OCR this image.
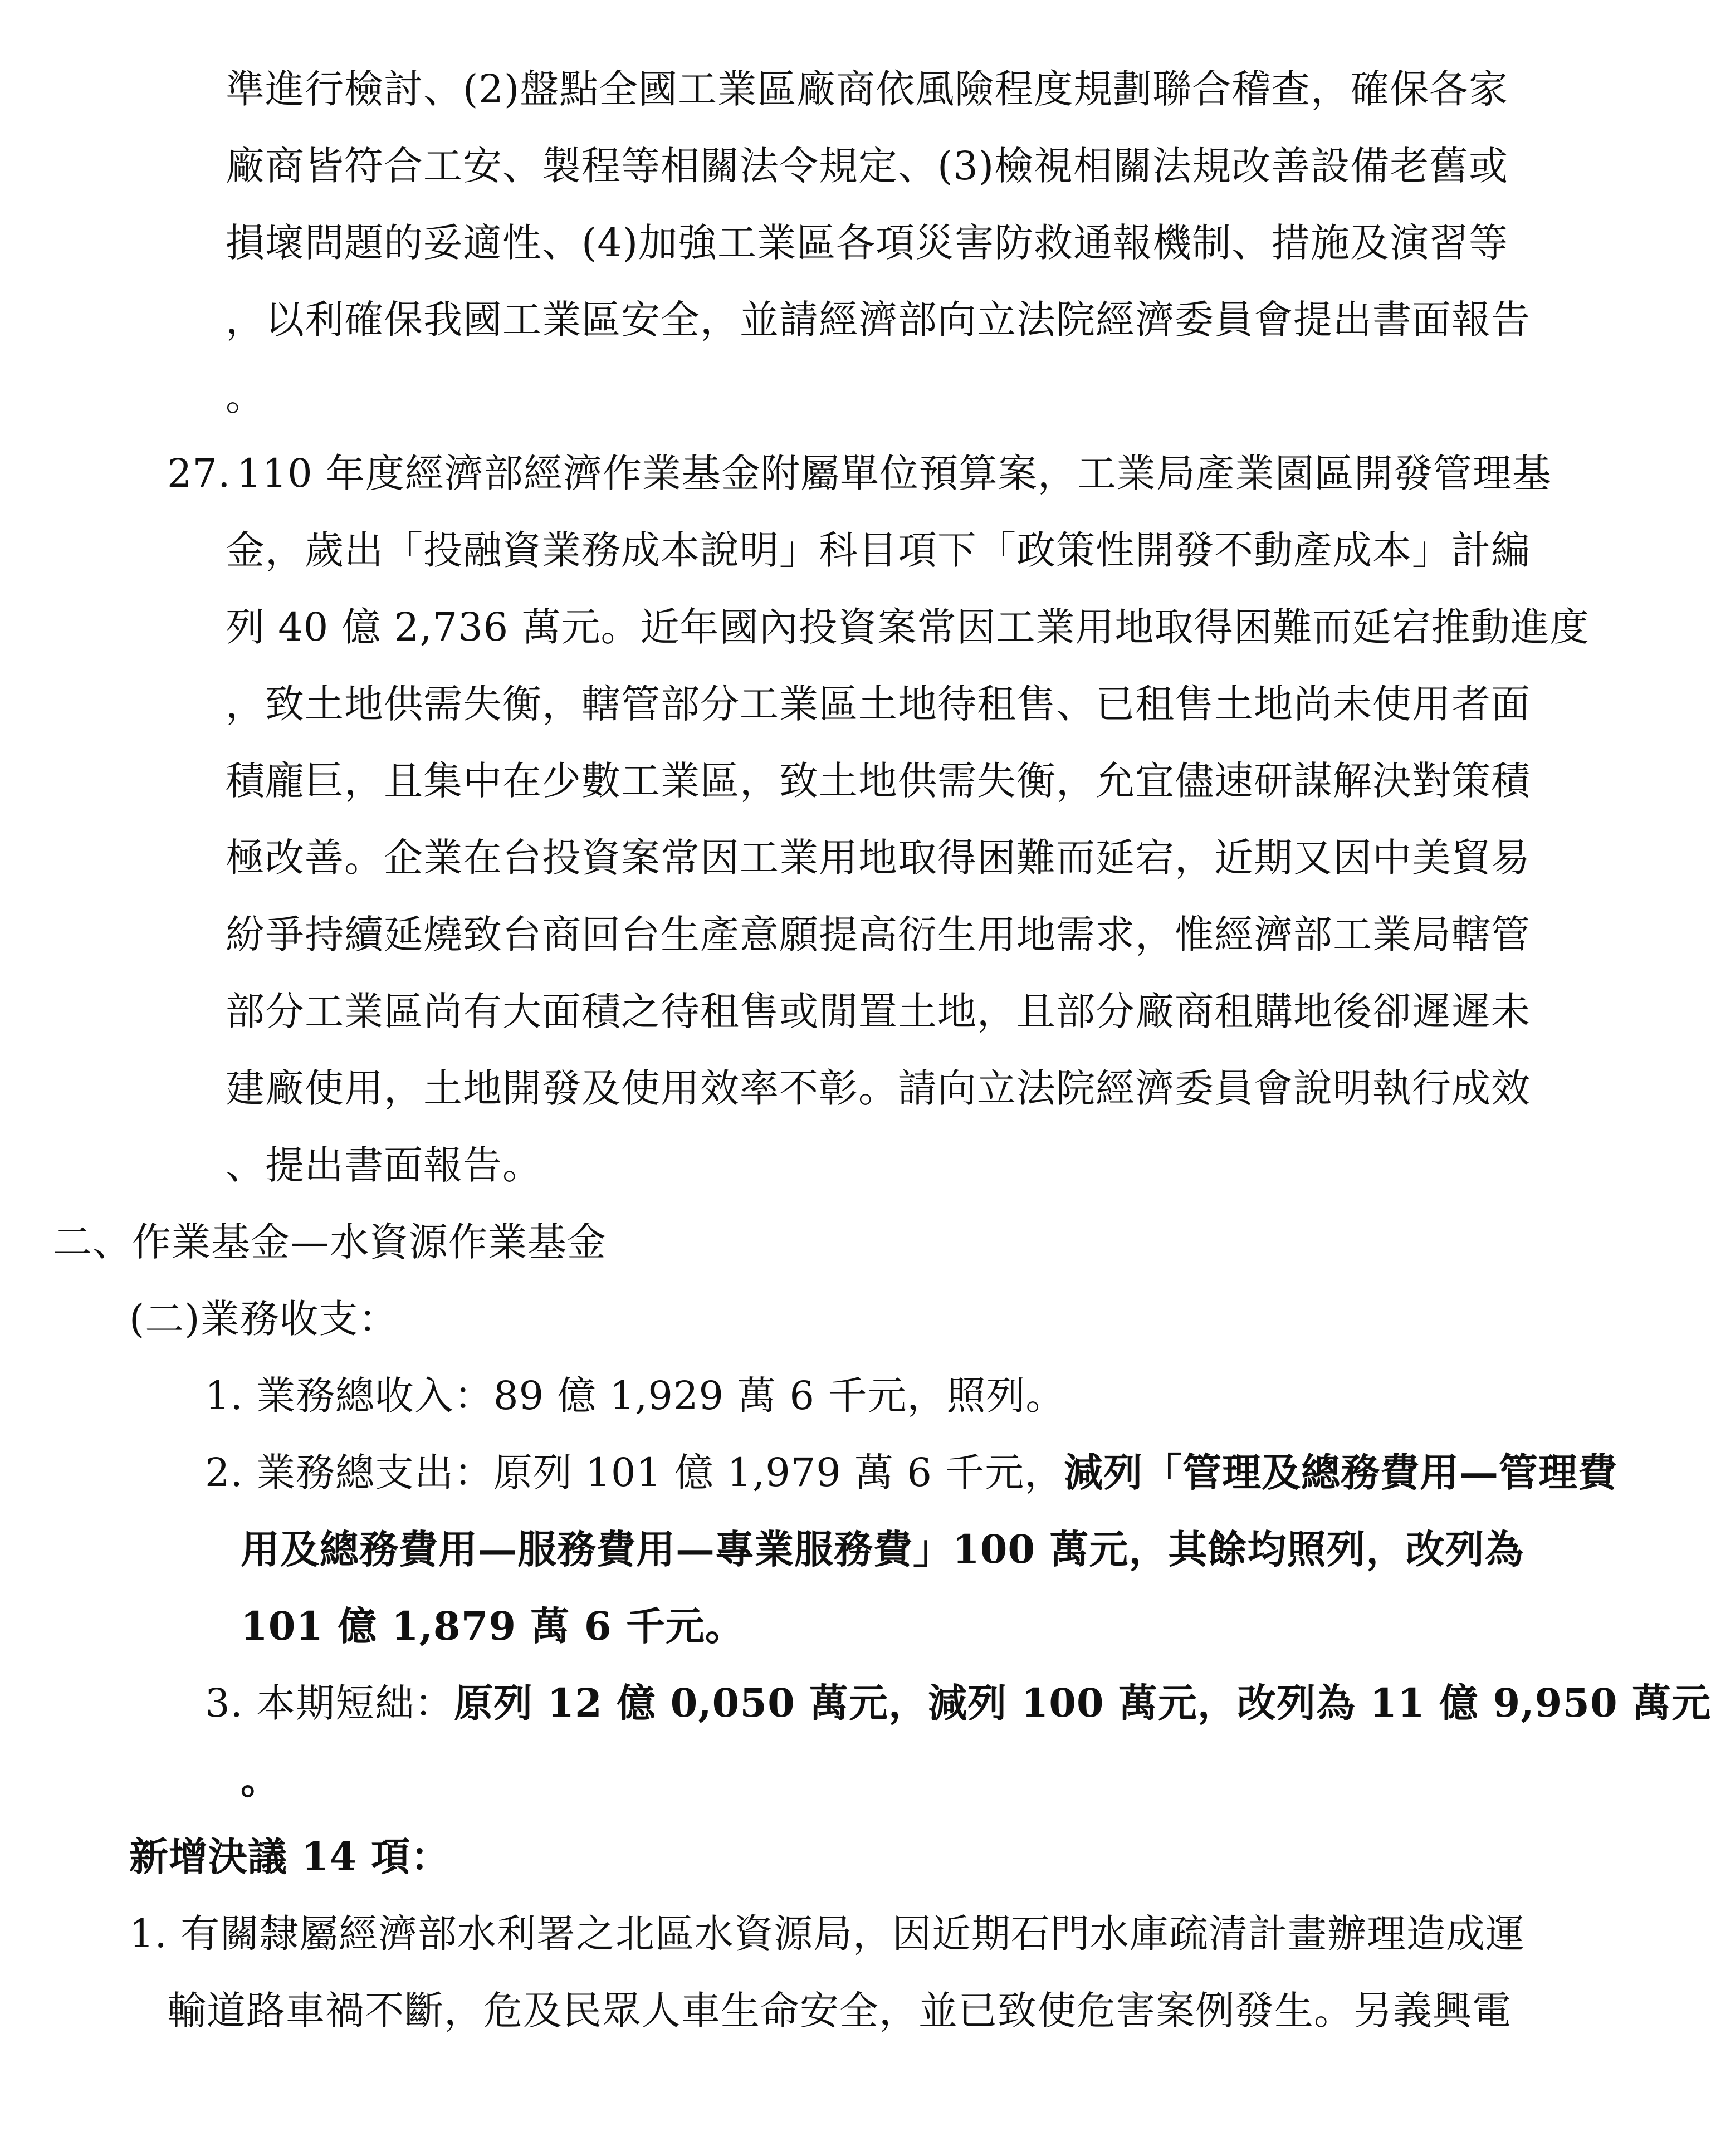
準進行檢討、(2)盤點全國工業區廠商依風險程度規劃聯合稽查，確保各家
廠商皆符合工安、製程等相關法令規定、(3)檢視相關法規改善設備老舊或
損壞問題的妥適性、(4)加強工業區各項災害防救通報機制、措施及演習等
，以利確保我國工業區安全，並請經濟部向立法院經濟委員會提出書面報告
。
27. 110 年度經濟部經濟作業基金附屬單位預算案，工業局產業園區開發管理基
金，歲出「投融資業務成本說明」科目項下「政策性開發不動產成本」計編
列 40 億 2,736 萬元。近年國內投資案常因工業用地取得困難而延宕推動進度
，致土地供需失衡，轄管部分工業區土地待租售、已租售土地尚未使用者面
積龐巨，且集中在少數工業區，致土地供需失衡，允宜儘速研謀解決對策積
極改善。企業在台投資案常因工業用地取得困難而延宕，近期又因中美貿易
紛爭持續延燒致台商回台生產意願提高衍生用地需求，惟經濟部工業局轄管
部分工業區尚有大面積之待租售或閒置土地，且部分廠商租購地後卻遲遲未
建廠使用，土地開發及使用效率不彰。請向立法院經濟委員會說明執行成效
、提出書面報告。
二、作業基金—水資源作業基金
(二)業務收支：
1. 業務總收入：89 億 1,929 萬 6 千元，照列。
2. 業務總支出：原列 101 億 1,979 萬 6 千元，減列「管理及總務費用—管理費
用及總務費用—服務費用—專業服務費」100 萬元，其餘均照列，改列為
101 億 1,879 萬 6 千元。
3. 本期短絀：原列 12 億 0,050 萬元，減列 100 萬元，改列為 11 億 9,950 萬元
。
新增決議 14 項：
1. 有關隸屬經濟部水利署之北區水資源局，因近期石門水庫疏清計畫辦理造成運
輸道路車禍不斷，危及民眾人車生命安全，並已致使危害案例發生。另義興電
